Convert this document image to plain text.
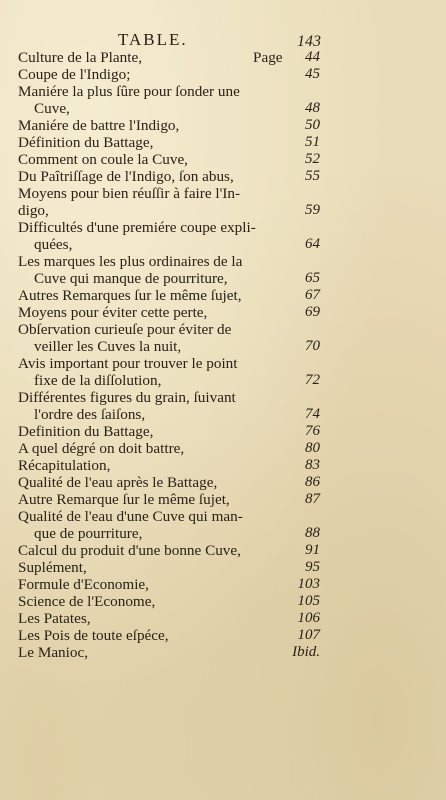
TABLE.	143
Culture de la Plante,	Page 44
Coupe de l'Indigo;	45
Maniére la plus ſûre pour ſonder une
Cuve,	48
Maniére de battre l'Indigo,	50
Définition du Battage,	51
Comment on coule la Cuve,	52
Du Paîtriſſage de l'Indigo, ſon abus,	55
Moyens pour bien réuſſir à faire l'In-
digo,	59
Difficultés d'une premiére coupe expli-
quées,	64
Les marques les plus ordinaires de la
Cuve qui manque de pourriture,	65
Autres Remarques ſur le même ſujet,	67
Moyens pour éviter cette perte,	69
Obſervation curieuſe pour éviter de
veiller les Cuves la nuit,	70
Avis important pour trouver le point
fixe de la diſſolution,	72
Différentes figures du grain, ſuivant
l'ordre des ſaiſons,	74
Definition du Battage,	76
A quel dégré on doit battre,	80
Récapitulation,	83
Qualité de l'eau après le Battage,	86
Autre Remarque ſur le même ſujet,	87
Qualité de l'eau d'une Cuve qui man-
que de pourriture,	88
Calcul du produit d'une bonne Cuve,	91
Suplément,	95
Formule d'Economie,	103
Science de l'Econome,	105
Les Patates,	106
Les Pois de toute eſpéce,	107
Le Manioc,	Ibid.
